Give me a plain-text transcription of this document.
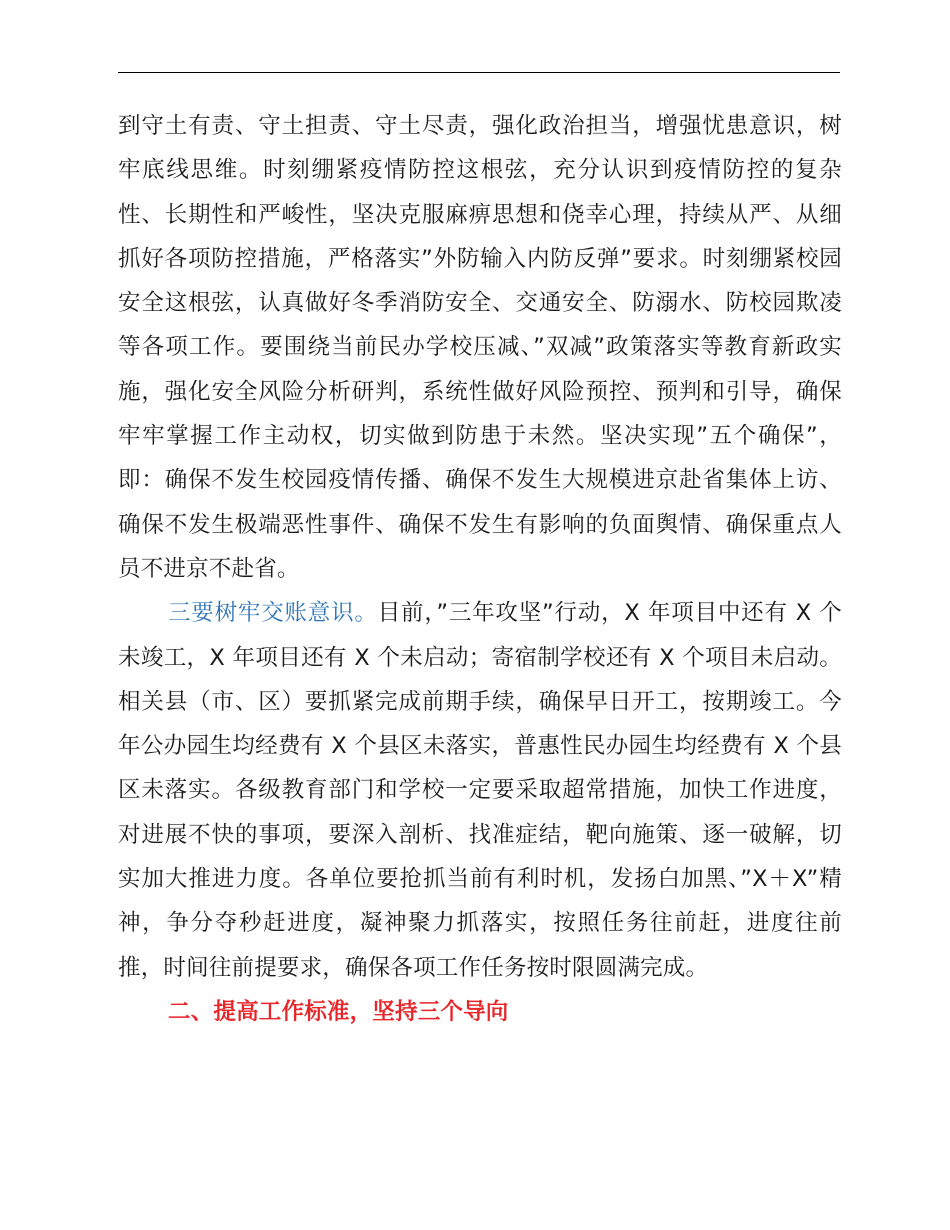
到守土有责、守土担责、守土尽责，强化政治担当，增强忧患意识，树牢底线思维。时刻绷紧疫情防控这根弦，充分认识到疫情防控的复杂性、长期性和严峻性，坚决克服麻痹思想和侥幸心理，持续从严、从细抓好各项防控措施，严格落实”外防输入内防反弹”要求。时刻绷紧校园安全这根弦，认真做好冬季消防安全、交通安全、防溺水、防校园欺凌等各项工作。要围绕当前民办学校压减、”双减”政策落实等教育新政实施，强化安全风险分析研判，系统性做好风险预控、预判和引导，确保牢牢掌握工作主动权，切实做到防患于未然。坚决实现”五个确保”，即：确保不发生校园疫情传播、确保不发生大规模进京赴省集体上访、确保不发生极端恶性事件、确保不发生有影响的负面舆情、确保重点人员不进京不赴省。

三要树牢交账意识。目前，”三年攻坚”行动，X 年项目中还有 X 个未竣工，X 年项目还有 X 个未启动；寄宿制学校还有 X 个项目未启动。相关县（市、区）要抓紧完成前期手续，确保早日开工，按期竣工。今年公办园生均经费有 X 个县区未落实，普惠性民办园生均经费有 X 个县区未落实。各级教育部门和学校一定要采取超常措施，加快工作进度，对进展不快的事项，要深入剖析、找准症结，靶向施策、逐一破解，切实加大推进力度。各单位要抢抓当前有利时机，发扬白加黑、”X＋X”精神，争分夺秒赶进度，凝神聚力抓落实，按照任务往前赶，进度往前推，时间往前提要求，确保各项工作任务按时限圆满完成。

二、提高工作标准，坚持三个导向
